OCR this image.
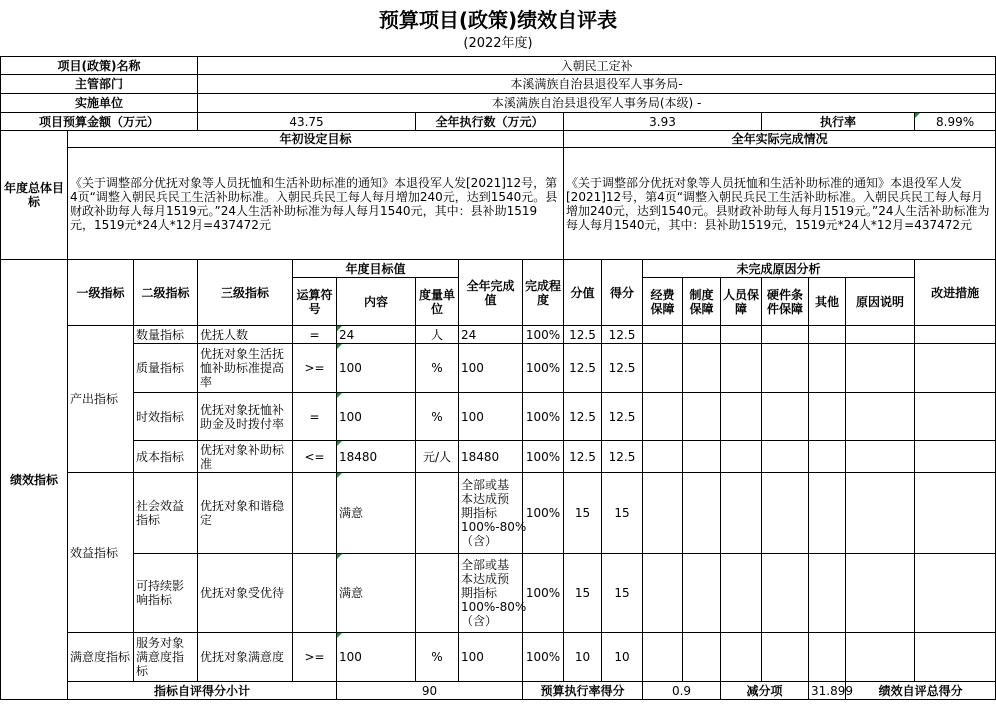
预算项目(政策)绩效自评表
(2022年度)
项目(政策)名称			入朝民工定补															
主管部门			本溪满族自治县退役军人事务局-															
实施单位			本溪满族自治县退役军人事务局(本级) -															
项目预算金额（万元）			43.75			全年执行数（万元）			3.93					执行率			8.99%	
年度总体目标	年初设定目标								全年实际完成情况									
	《关于调整部分优抚对象等人员抚恤和生活补助标准的通知》本退役军人发[2021]12号，第4页“调整入朝民兵民工生活补助标准。入朝民兵民工每人每月增加240元，达到1540元。县财政补助每人每月1519元。”24人生活补助标准为每人每月1540元，其中：县补助1519元，1519元*24人*12月=437472元								《关于调整部分优抚对象等人员抚恤和生活补助标准的通知》本退役军人发[2021]12号，第4页“调整入朝民兵民工生活补助标准。入朝民兵民工每人每月增加240元，达到1540元。县财政补助每人每月1519元。”24人生活补助标准为每人每月1540元，其中：县补助1519元，1519元*24人*12月=437472元									
绩效指标	一级指标	二级指标	三级指标	年度目标值			全年完成值	完成程度	分值	得分	未完成原因分析						改进措施	
				运算符号	内容	度量单位					经费保障	制度保障	人员保障	硬件条件保障	其他	原因说明		
	产出指标	数量指标	优抚人数	=	24	人	24	100%	12.5	12.5								
		质量指标	优抚对象生活抚恤补助标准提高率	>=	100	%	100	100%	12.5	12.5								
		时效指标	优抚对象抚恤补助金及时拨付率	=	100	%	100	100%	12.5	12.5								
		成本指标	优抚对象补助标准	<=	18480	元/人	18480	100%	12.5	12.5								
	效益指标	社会效益指标	优抚对象和谐稳定		满意		全部或基本达成预期指标100%-80%（含）	100%	15	15								
		可持续影响指标	优抚对象受优待		满意		全部或基本达成预期指标100%-80%（含）	100%	15	15								
	满意度指标	服务对象满意度指标	优抚对象满意度	>=	100	%	100	100%	10	10								
	指标自评得分小计				90			预算执行率得分			0.9		减分项		31.899	绩效自评总得分	
